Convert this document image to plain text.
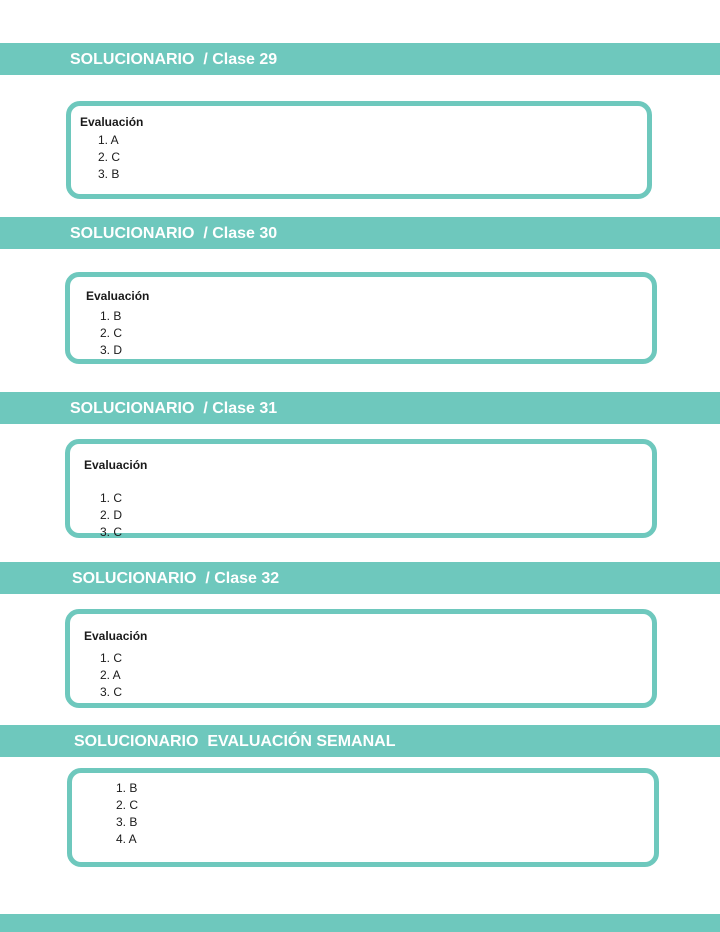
SOLUCIONARIO  / Clase 29
Evaluación
1. A
2. C
3. B
SOLUCIONARIO  / Clase 30
Evaluación
1. B
2. C
3. D
SOLUCIONARIO  / Clase 31
Evaluación
1. C
2. D
3. C
SOLUCIONARIO  / Clase 32
Evaluación
1. C
2. A
3. C
SOLUCIONARIO  EVALUACIÓN SEMANAL
1. B
2. C
3. B
4. A
